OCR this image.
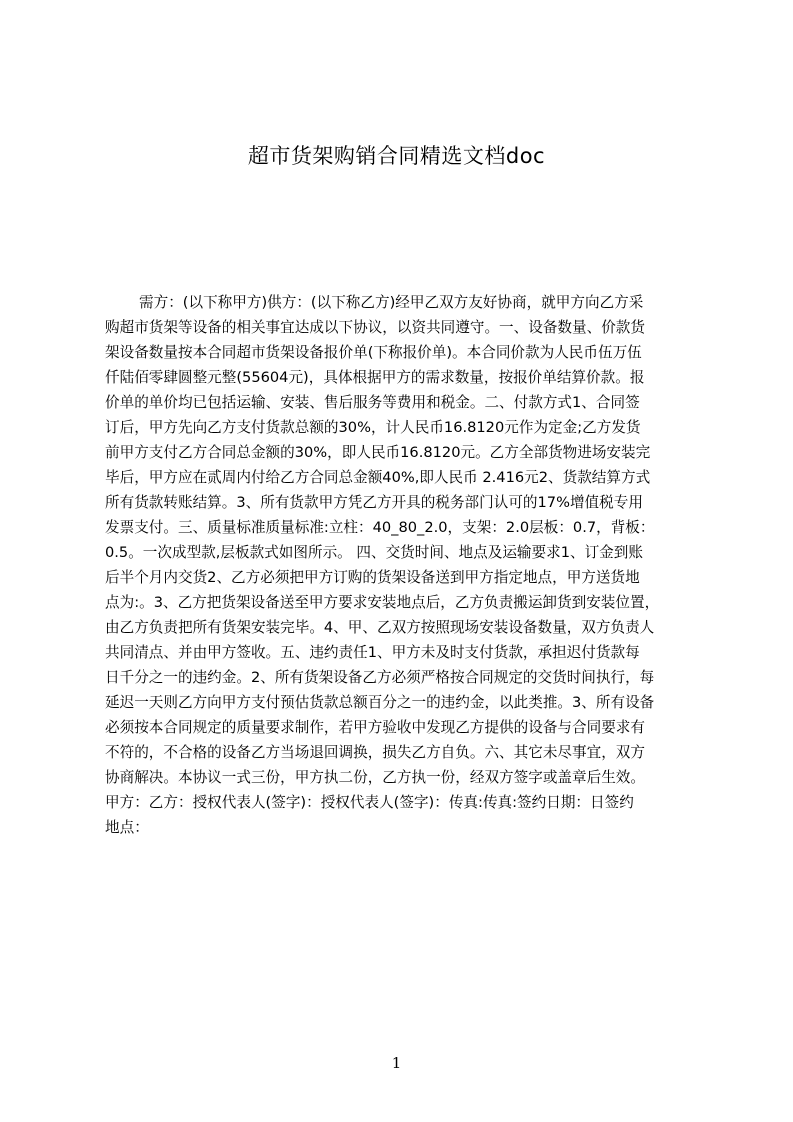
超市货架购销合同精选文档doc
需方：(以下称甲方)供方：(以下称乙方)经甲乙双方友好协商，就甲方向乙方采
购超市货架等设备的相关事宜达成以下协议，以资共同遵守。一、设备数量、价款货
架设备数量按本合同超市货架设备报价单(下称报价单)。本合同价款为人民币伍万伍
仟陆佰零肆圆整元整(55604元)，具体根据甲方的需求数量，按报价单结算价款。报
价单的单价均已包括运输、安装、售后服务等费用和税金。二、付款方式1、合同签
订后，甲方先向乙方支付货款总额的30%，计人民币16.8120元作为定金;乙方发货
前甲方支付乙方合同总金额的30%，即人民币16.8120元。乙方全部货物进场安装完
毕后，甲方应在贰周内付给乙方合同总金额40%,即人民币 2.416元2、货款结算方式
所有货款转账结算。3、所有货款甲方凭乙方开具的税务部门认可的17%增值税专用
发票支付。三、质量标准质量标准:立柱：40_80_2.0，支架：2.0层板：0.7，背板：
0.5。一次成型款,层板款式如图所示。 四、交货时间、地点及运输要求1、订金到账
后半个月内交货2、乙方必须把甲方订购的货架设备送到甲方指定地点，甲方送货地
点为:。3、乙方把货架设备送至甲方要求安装地点后，乙方负责搬运卸货到安装位置，
由乙方负责把所有货架安装完毕。4、甲、乙双方按照现场安装设备数量，双方负责人
共同清点、并由甲方签收。五、违约责任1、甲方未及时支付货款，承担迟付货款每
日千分之一的违约金。2、所有货架设备乙方必须严格按合同规定的交货时间执行，每
延迟一天则乙方向甲方支付预估货款总额百分之一的违约金，以此类推。3、所有设备
必须按本合同规定的质量要求制作，若甲方验收中发现乙方提供的设备与合同要求有
不符的，不合格的设备乙方当场退回调换，损失乙方自负。六、其它未尽事宜，双方
协商解决。本协议一式三份，甲方执二份，乙方执一份，经双方签字或盖章后生效。
甲方：乙方：授权代表人(签字)：授权代表人(签字)：传真:传真:签约日期：日签约
地点：
1
